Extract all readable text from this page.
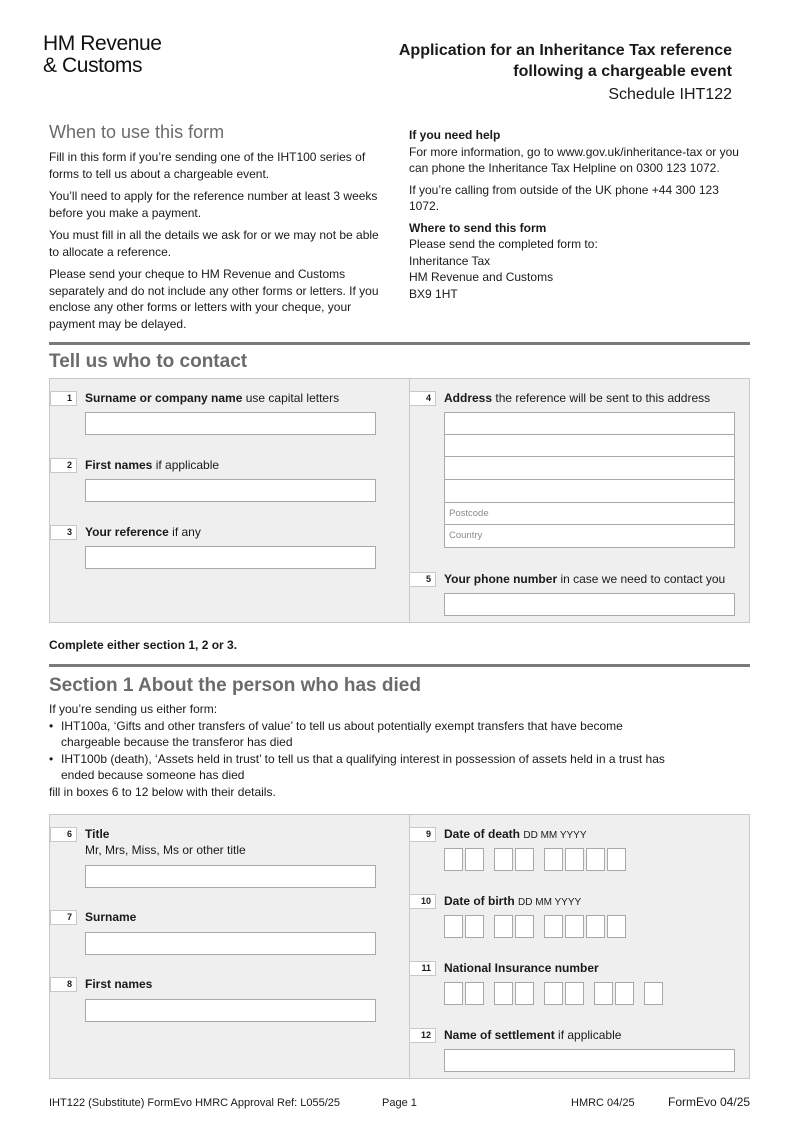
HM Revenue
& Customs
Application for an Inheritance Tax reference
following a chargeable event
Schedule IHT122
When to use this form

Fill in this form if you’re sending one of the IHT100 series of forms to tell us about a chargeable event.

You’ll need to apply for the reference number at least 3 weeks before you make a payment.

You must fill in all the details we ask for or we may not be able to allocate a reference.

Please send your cheque to HM Revenue and Customs separately and do not include any other forms or letters. If you enclose any other forms or letters with your cheque, your payment may be delayed.

If you need help

For more information, go to www.gov.uk/inheritance-tax or you can phone the Inheritance Tax Helpline on 0300 123 1072.

If you’re calling from outside of the UK phone +44 300 123 1072.

Where to send this form
Please send the completed form to:
Inheritance Tax
HM Revenue and Customs
BX9 1HT
Tell us who to contact
1	Surname or company name use capital letters
2	First names if applicable
3	Your reference if any
4	Address the reference will be sent to this address
Postcode
Country
5	Your phone number in case we need to contact you
Complete either section 1, 2 or 3.
Section 1 About the person who has died
If you’re sending us either form:
• IHT100a, ‘Gifts and other transfers of value’ to tell us about potentially exempt transfers that have become chargeable because the transferor has died
• IHT100b (death), ‘Assets held in trust’ to tell us that a qualifying interest in possession of assets held in a trust has ended because someone has died
fill in boxes 6 to 12 below with their details.
6	Title
Mr, Mrs, Miss, Ms or other title
7	Surname
8	First names
9	Date of death DD MM YYYY
10	Date of birth DD MM YYYY
11	National Insurance number
12	Name of settlement if applicable
IHT122 (Substitute) FormEvo HMRC Approval Ref: L055/25	Page 1	HMRC 04/25	FormEvo 04/25
